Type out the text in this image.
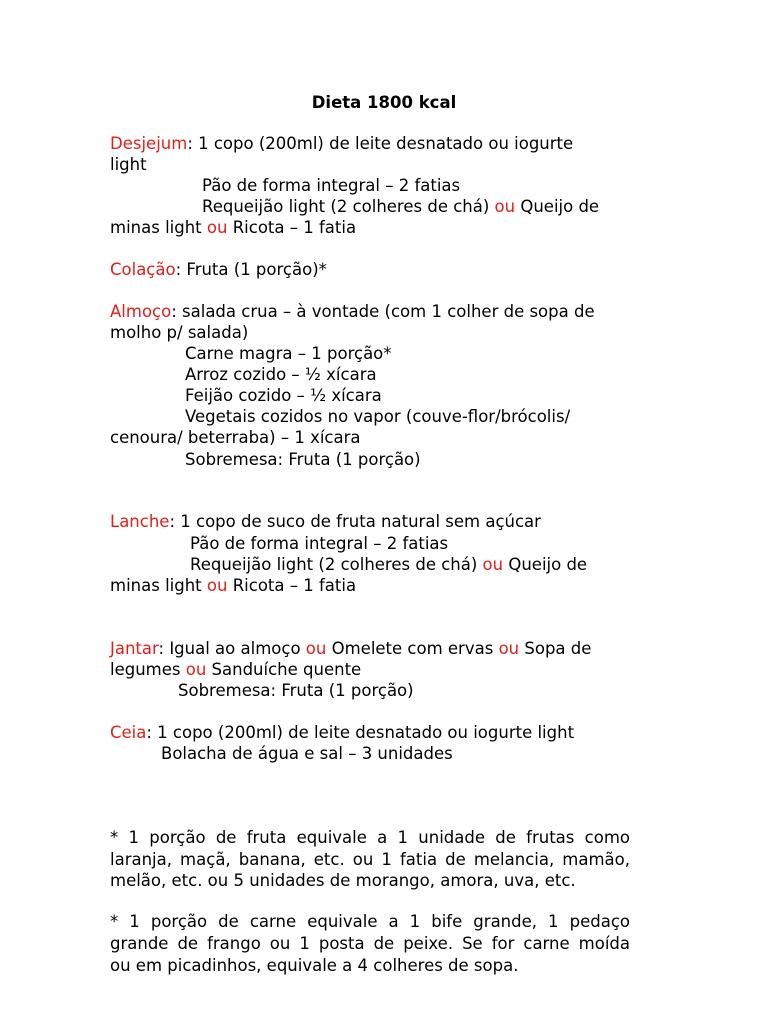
Dieta 1800 kcal

Desjejum: 1 copo (200ml) de leite desnatado ou iogurte

light

Pão de forma integral – 2 fatias

Requeijão light (2 colheres de chá) ou Queijo de

minas light ou Ricota – 1 fatia

Colação: Fruta (1 porção)*

Almoço: salada crua – à vontade (com 1 colher de sopa de

molho p/ salada)

Carne magra – 1 porção*

Arroz cozido – ½ xícara

Feijão cozido – ½ xícara

Vegetais cozidos no vapor (couve-flor/brócolis/

cenoura/ beterraba) – 1 xícara

Sobremesa: Fruta (1 porção)

Lanche: 1 copo de suco de fruta natural sem açúcar

Pão de forma integral – 2 fatias

Requeijão light (2 colheres de chá) ou Queijo de

minas light ou Ricota – 1 fatia

Jantar: Igual ao almoço ou Omelete com ervas ou Sopa de

legumes ou Sanduíche quente

Sobremesa: Fruta (1 porção)

Ceia: 1 copo (200ml) de leite desnatado ou iogurte light

Bolacha de água e sal – 3 unidades

* 1 porção de fruta equivale a 1 unidade de frutas como

laranja, maçã, banana, etc. ou 1 fatia de melancia, mamão,

melão, etc. ou 5 unidades de morango, amora, uva, etc.

* 1 porção de carne equivale a 1 bife grande, 1 pedaço

grande de frango ou 1 posta de peixe. Se for carne moída

ou em picadinhos, equivale a 4 colheres de sopa.
